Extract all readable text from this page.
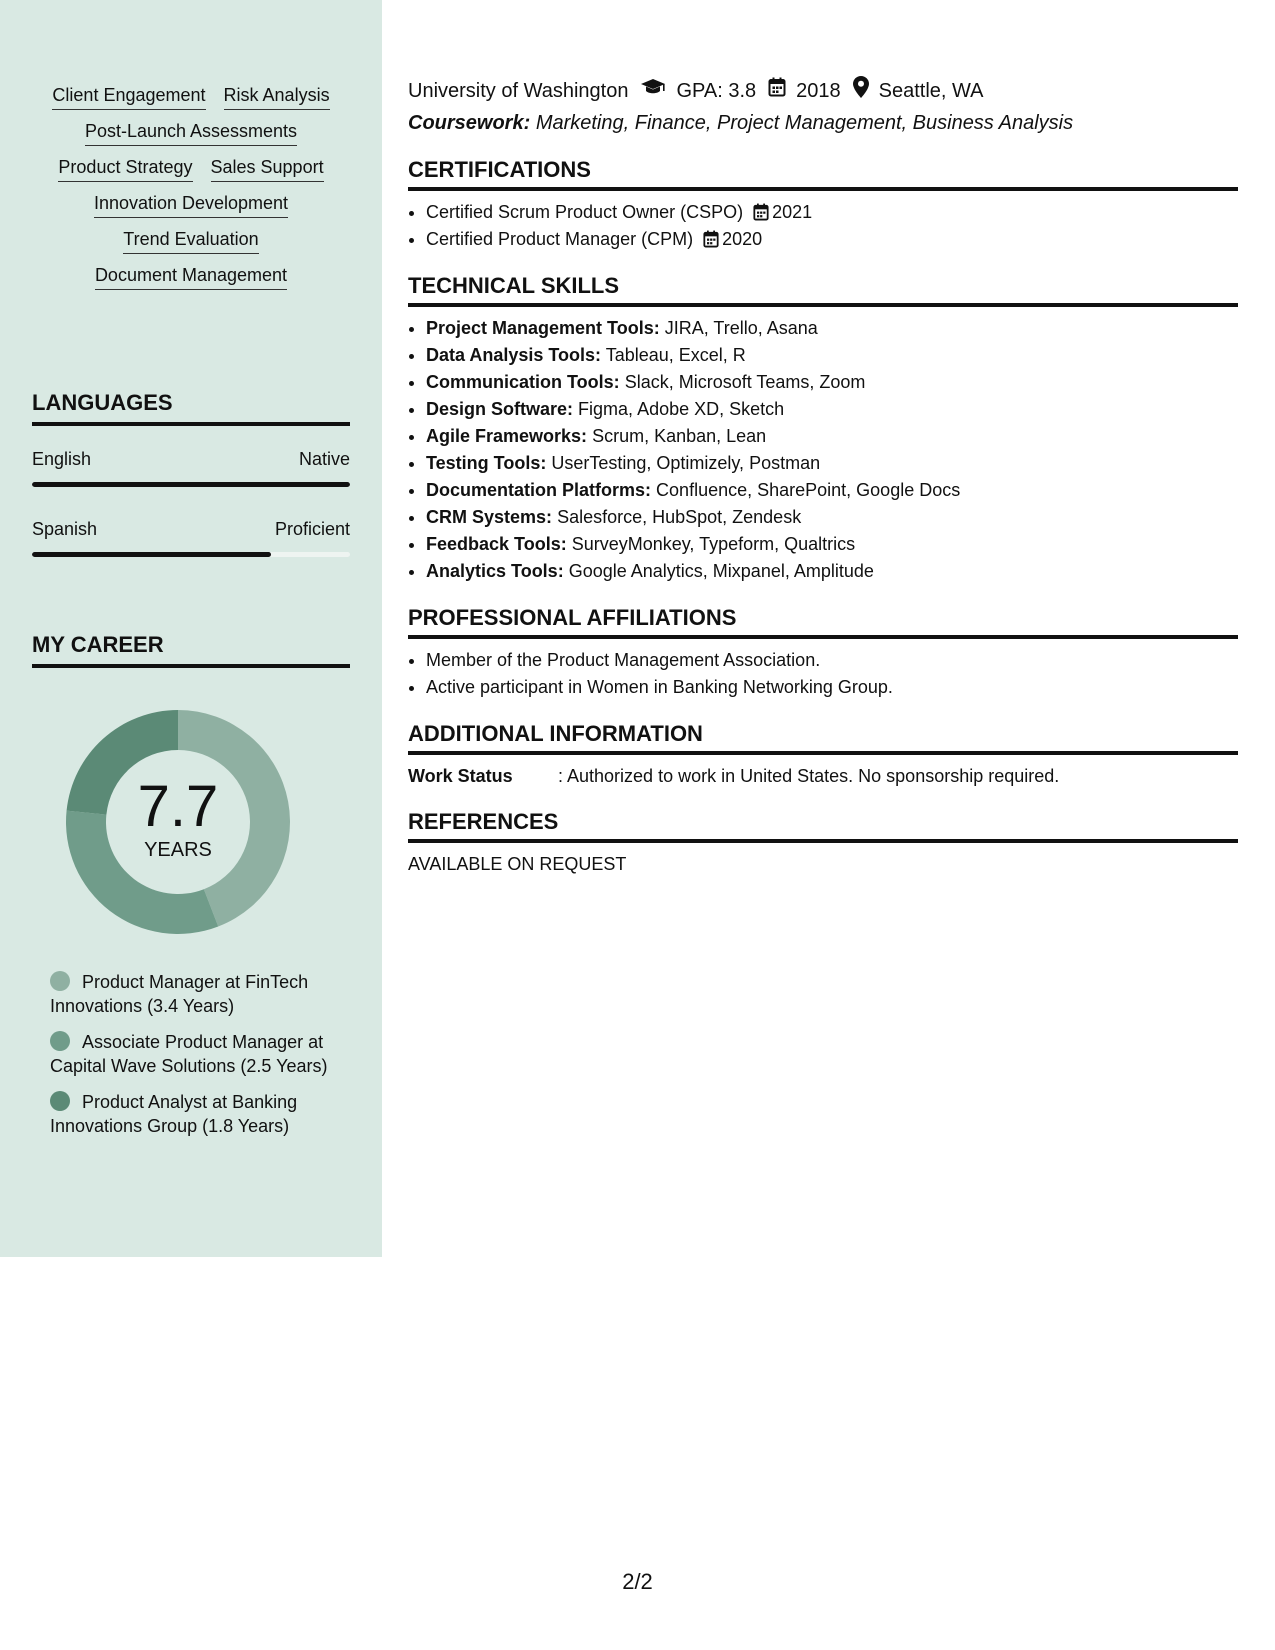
Client Engagement Risk Analysis
Post-Launch Assessments
Product Strategy Sales Support
Innovation Development
Trend Evaluation
Document Management
LANGUAGES
English	Native
Spanish	Proficient
MY CAREER
7.7
YEARS
Product Manager at FinTech Innovations (3.4 Years)
Associate Product Manager at Capital Wave Solutions (2.5 Years)
Product Analyst at Banking Innovations Group (1.8 Years)
University of Washington GPA: 3.8 2018 Seattle, WA
Coursework: Marketing, Finance, Project Management, Business Analysis
CERTIFICATIONS
• Certified Scrum Product Owner (CSPO) 2021
• Certified Product Manager (CPM) 2020
TECHNICAL SKILLS
• Project Management Tools: JIRA, Trello, Asana
• Data Analysis Tools: Tableau, Excel, R
• Communication Tools: Slack, Microsoft Teams, Zoom
• Design Software: Figma, Adobe XD, Sketch
• Agile Frameworks: Scrum, Kanban, Lean
• Testing Tools: UserTesting, Optimizely, Postman
• Documentation Platforms: Confluence, SharePoint, Google Docs
• CRM Systems: Salesforce, HubSpot, Zendesk
• Feedback Tools: SurveyMonkey, Typeform, Qualtrics
• Analytics Tools: Google Analytics, Mixpanel, Amplitude
PROFESSIONAL AFFILIATIONS
• Member of the Product Management Association.
• Active participant in Women in Banking Networking Group.
ADDITIONAL INFORMATION
Work Status	: Authorized to work in United States. No sponsorship required.
REFERENCES
AVAILABLE ON REQUEST
2/2
